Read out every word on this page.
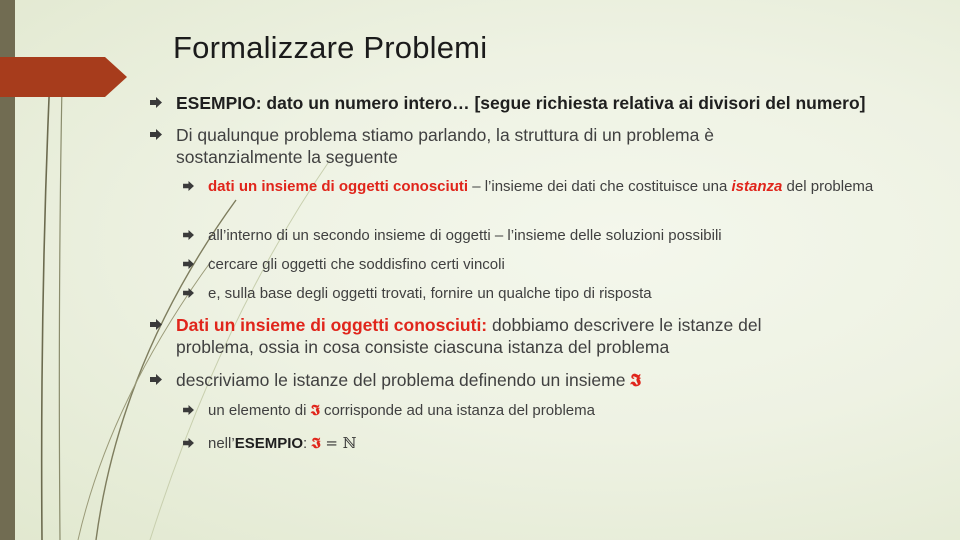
Formalizzare Problemi
ESEMPIO: dato un numero intero… [segue richiesta relativa ai divisori del numero]
Di qualunque problema stiamo parlando, la struttura di un problema è sostanzialmente la seguente
dati un insieme di oggetti conosciuti – l’insieme dei dati che costituisce una istanza del problema
all’interno di un secondo insieme di oggetti – l’insieme delle soluzioni possibili
cercare gli oggetti che soddisfino certi vincoli
e, sulla base degli oggetti trovati, fornire un qualche tipo di risposta
Dati un insieme di oggetti conosciuti: dobbiamo descrivere le istanze del problema, ossia in cosa consiste ciascuna istanza del problema
descriviamo le istanze del problema definendo un insieme 𝕴
un elemento di 𝕴 corrisponde ad una istanza del problema
nell’ESEMPIO: 𝕴 = ℕ
